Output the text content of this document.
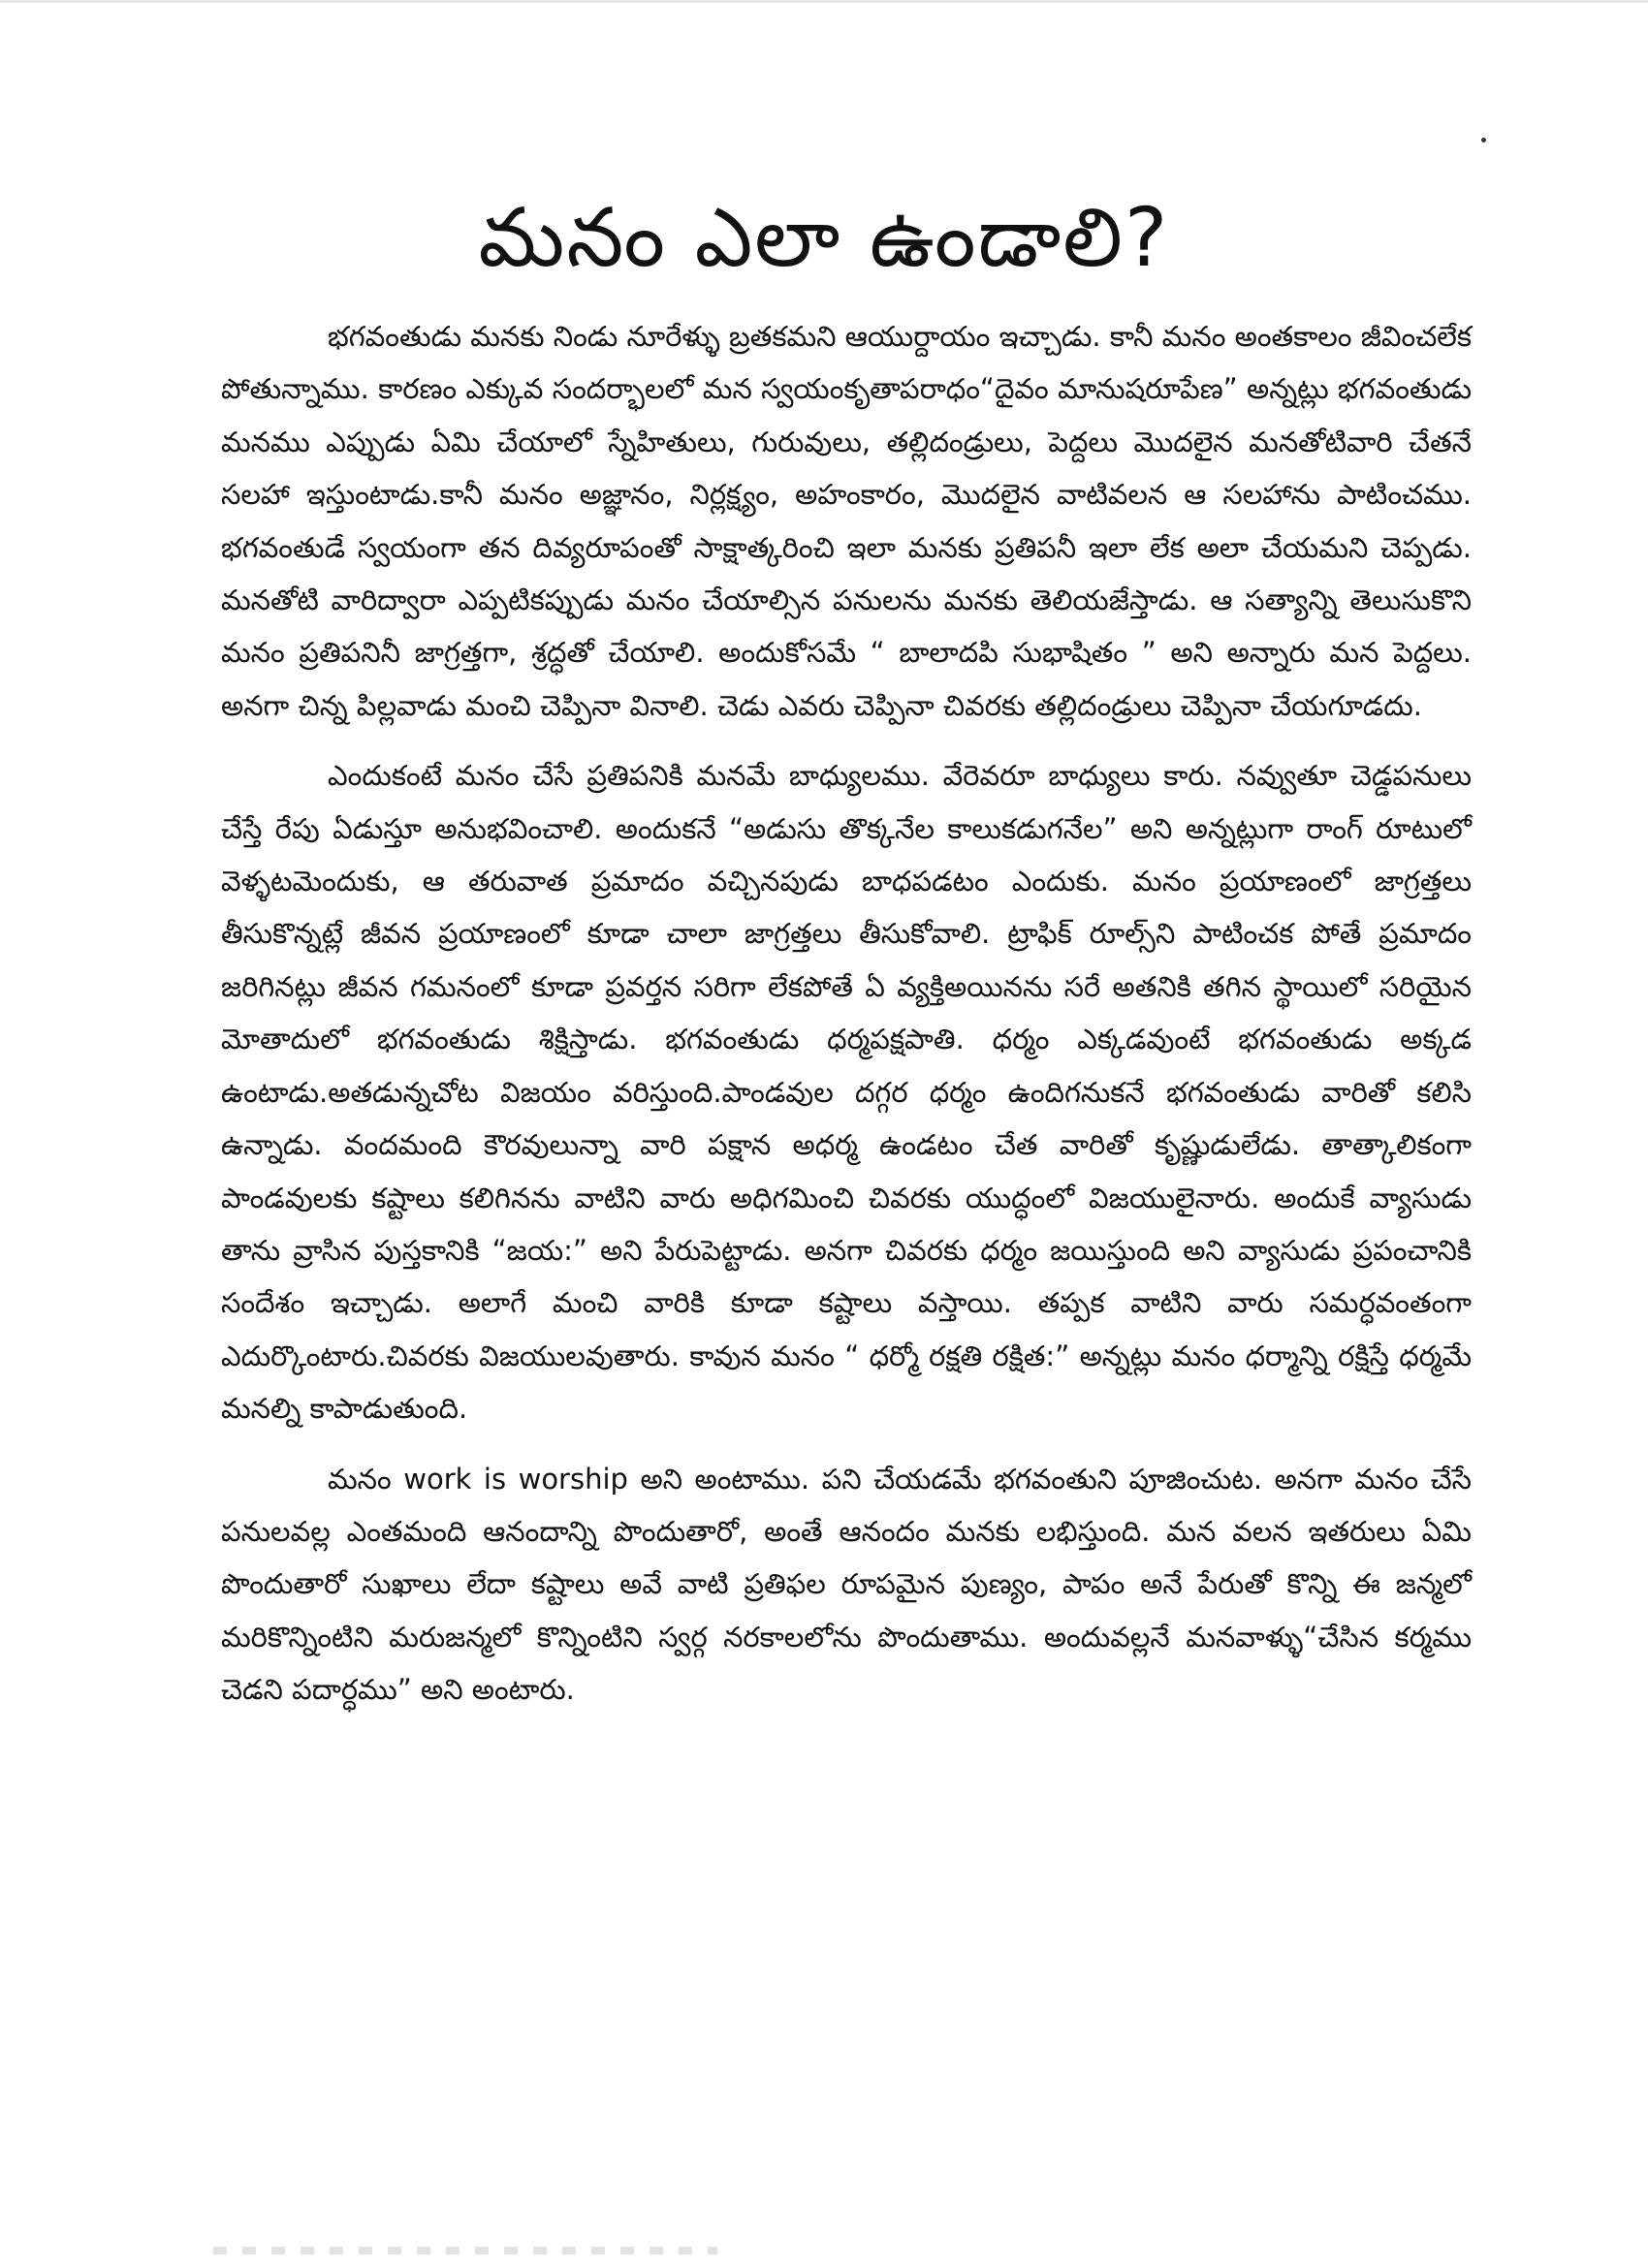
మనం ఎలా ఉండాలి?

భగవంతుడు మనకు నిండు నూరేళ్ళు బ్రతకమని ఆయుర్దాయం ఇచ్చాడు. కానీ మనం అంతకాలం జీవించలేక పోతున్నాము. కారణం ఎక్కువ సందర్భాలలో మన స్వయంకృతాపరాధం“దైవం మానుషరూపేణ” అన్నట్లు భగవంతుడు మనము ఎప్పుడు ఏమి చేయాలో స్నేహితులు, గురువులు, తల్లిదండ్రులు, పెద్దలు మొదలైన మనతోటివారి చేతనే సలహా ఇస్తుంటాడు.కానీ మనం అజ్ఞానం, నిర్లక్ష్యం, అహంకారం, మొదలైన వాటివలన ఆ సలహాను పాటించము. భగవంతుడే స్వయంగా తన దివ్యరూపంతో సాక్షాత్కరించి ఇలా మనకు ప్రతిపనీ ఇలా లేక అలా చేయమని చెప్పడు. మనతోటి వారిద్వారా ఎప్పటికప్పుడు మనం చేయాల్సిన పనులను మనకు తెలియజేస్తాడు. ఆ సత్యాన్ని తెలుసుకొని మనం ప్రతిపనినీ జాగ్రత్తగా, శ్రద్ధతో చేయాలి. అందుకోసమే “ బాలాదపి సుభాషితం ” అని అన్నారు మన పెద్దలు. అనగా చిన్న పిల్లవాడు మంచి చెప్పినా వినాలి. చెడు ఎవరు చెప్పినా చివరకు తల్లిదండ్రులు చెప్పినా చేయగూడదు.

ఎందుకంటే మనం చేసే ప్రతిపనికి మనమే బాధ్యులము. వేరెవరూ బాధ్యులు కారు. నవ్వుతూ చెడ్డపనులు చేస్తే రేపు ఏడుస్తూ అనుభవించాలి. అందుకనే “అడుసు తొక్కనేల కాలుకడుగనేల” అని అన్నట్లుగా రాంగ్ రూటులో వెళ్ళటమెందుకు, ఆ తరువాత ప్రమాదం వచ్చినపుడు బాధపడటం ఎందుకు. మనం ప్రయాణంలో జాగ్రత్తలు తీసుకొన్నట్లే జీవన ప్రయాణంలో కూడా చాలా జాగ్రత్తలు తీసుకోవాలి. ట్రాఫిక్ రూల్స్‌ని పాటించక పోతే ప్రమాదం జరిగినట్లు జీవన గమనంలో కూడా ప్రవర్తన సరిగా లేకపోతే ఏ వ్యక్తిఅయినను సరే అతనికి తగిన స్థాయిలో సరియైన మోతాదులో భగవంతుడు శిక్షిస్తాడు. భగవంతుడు ధర్మపక్షపాతి. ధర్మం ఎక్కడవుంటే భగవంతుడు అక్కడ ఉంటాడు.అతడున్నచోట విజయం వరిస్తుంది.పాండవుల దగ్గర ధర్మం ఉందిగనుకనే భగవంతుడు వారితో కలిసి ఉన్నాడు. వందమంది కౌరవులున్నా వారి పక్షాన అధర్మ ఉండటం చేత వారితో కృష్ణుడులేడు. తాత్కాలికంగా పాండవులకు కష్టాలు కలిగినను వాటిని వారు అధిగమించి చివరకు యుద్ధంలో విజయులైనారు. అందుకే వ్యాసుడు తాను వ్రాసిన పుస్తకానికి “జయ:” అని పేరుపెట్టాడు. అనగా చివరకు ధర్మం జయిస్తుంది అని వ్యాసుడు ప్రపంచానికి సందేశం ఇచ్చాడు. అలాగే మంచి వారికి కూడా కష్టాలు వస్తాయి. తప్పక వాటిని వారు సమర్ధవంతంగా ఎదుర్కొంటారు.చివరకు విజయులవుతారు. కావున మనం “ ధర్మో రక్షతి రక్షిత:” అన్నట్లు మనం ధర్మాన్ని రక్షిస్తే ధర్మమే మనల్ని కాపాడుతుంది.

మనం work is worship అని అంటాము. పని చేయడమే భగవంతుని పూజించుట. అనగా మనం చేసే పనులవల్ల ఎంతమంది ఆనందాన్ని పొందుతారో, అంతే ఆనందం మనకు లభిస్తుంది. మన వలన ఇతరులు ఏమి పొందుతారో సుఖాలు లేదా కష్టాలు అవే వాటి ప్రతిఫల రూపమైన పుణ్యం, పాపం అనే పేరుతో కొన్ని ఈ జన్మలో మరికొన్నింటిని మరుజన్మలో కొన్నింటిని స్వర్గ నరకాలలోను పొందుతాము. అందువల్లనే మనవాళ్ళు“చేసిన కర్మము చెడని పదార్ధము” అని అంటారు.
